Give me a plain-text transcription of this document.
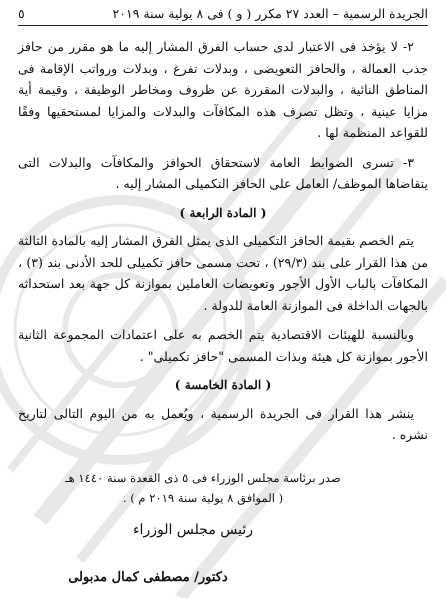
الجريدة الرسمية – العدد ٢٧ مكرر ( و ) فى ٨ يولية سنة ٢٠١٩
٥

٢- لا يؤخذ فى الاعتبار لدى حساب الفرق المشار إليه ما هو مقرر من حافز جذب العمالة ، والحافز التعويضى ، وبدلات تفرغ ، وبدلات ورواتب الإقامة فى المناطق النائية ، والبدلات المقررة عن ظروف ومخاطر الوظيفة ، وقيمة أية مزايا عينية ، وتظل تصرف هذه المكافآت والبدلات والمزايا لمستحقيها وفقًا للقواعد المنظمة لها .

٣- تسرى الضوابط العامة لاستحقاق الحوافز والمكافآت والبدلات التى يتقاضاها الموظف/ العامل على الحافز التكميلى المشار إليه .

( المادة الرابعة )

يتم الخصم بقيمة الحافز التكميلى الذى يمثل الفرق المشار إليه بالمادة الثالثة من هذا القرار على بند (٢٩/٣) ، تحت مسمى حافز تكميلى للحد الأدنى بند (٣) ، المكافآت بالباب الأول الأجور وتعويضات العاملين بموازنة كل جهة بعد استحداثه بالجهات الداخلة فى الموازنة العامة للدولة .

وبالنسبة للهيئات الاقتصادية يتم الخصم به على اعتمادات المجموعة الثانية الأجور بموازنة كل هيئة وبذات المسمى "حافز تكميلى" .

( المادة الخامسة )

ينشر هذا القرار فى الجريدة الرسمية ، ويُعمل به من اليوم التالى لتاريخ نشره .

صدر برئاسة مجلس الوزراء فى ٥ ذى القعدة سنة ١٤٤٠ هـ
( الموافق ٨ يولية سنة ٢٠١٩ م ) .
رئيس مجلس الوزراء
دكتور/ مصطفى كمال مدبولى
